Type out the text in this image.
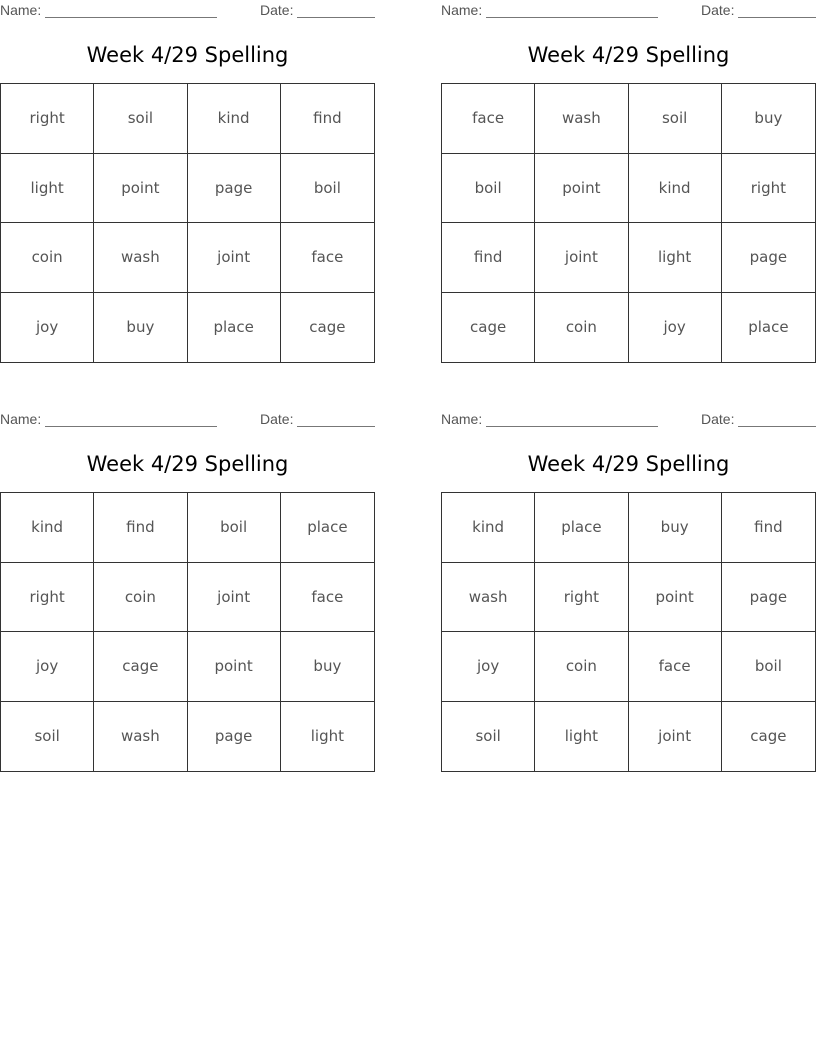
Name:	Date:
Week 4/29 Spelling
right	soil	kind	find
light	point	page	boil
coin	wash	joint	face
joy	buy	place	cage
Name:	Date:
Week 4/29 Spelling
face	wash	soil	buy
boil	point	kind	right
find	joint	light	page
cage	coin	joy	place
Name:	Date:
Week 4/29 Spelling
kind	find	boil	place
right	coin	joint	face
joy	cage	point	buy
soil	wash	page	light
Name:	Date:
Week 4/29 Spelling
kind	place	buy	find
wash	right	point	page
joy	coin	face	boil
soil	light	joint	cage
